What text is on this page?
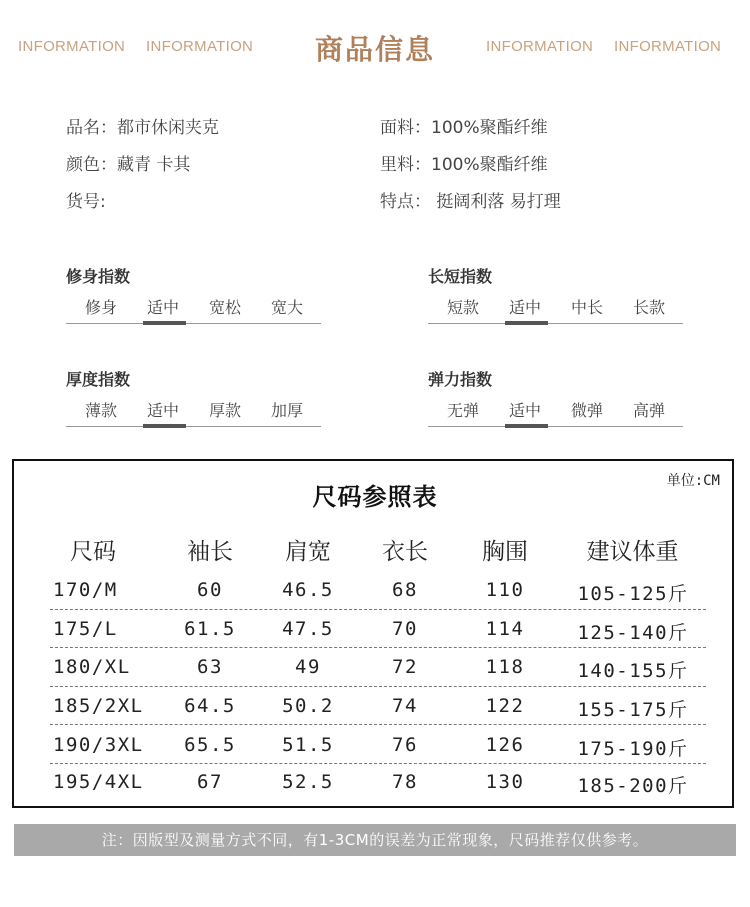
INFORMATION INFORMATION	商品信息	INFORMATION INFORMATION
品名：都市休闲夹克	面料：100%聚酯纤维
颜色：藏青 卡其	里料：100%聚酯纤维
货号:	特点： 挺阔利落 易打理
修身指数
修身	适中	宽松	宽大
长短指数
短款	适中	中长	长款
厚度指数
薄款	适中	厚款	加厚
弹力指数
无弹	适中	微弹	高弹
尺码参照表
单位:CM
尺码	袖长	肩宽	衣长	胸围	建议体重
170/M	60	46.5	68	110	105-125斤
175/L	61.5	47.5	70	114	125-140斤
180/XL	63	49	72	118	140-155斤
185/2XL	64.5	50.2	74	122	155-175斤
190/3XL	65.5	51.5	76	126	175-190斤
195/4XL	67	52.5	78	130	185-200斤
注：因版型及测量方式不同，有1-3CM的误差为正常现象，尺码推荐仅供参考。
